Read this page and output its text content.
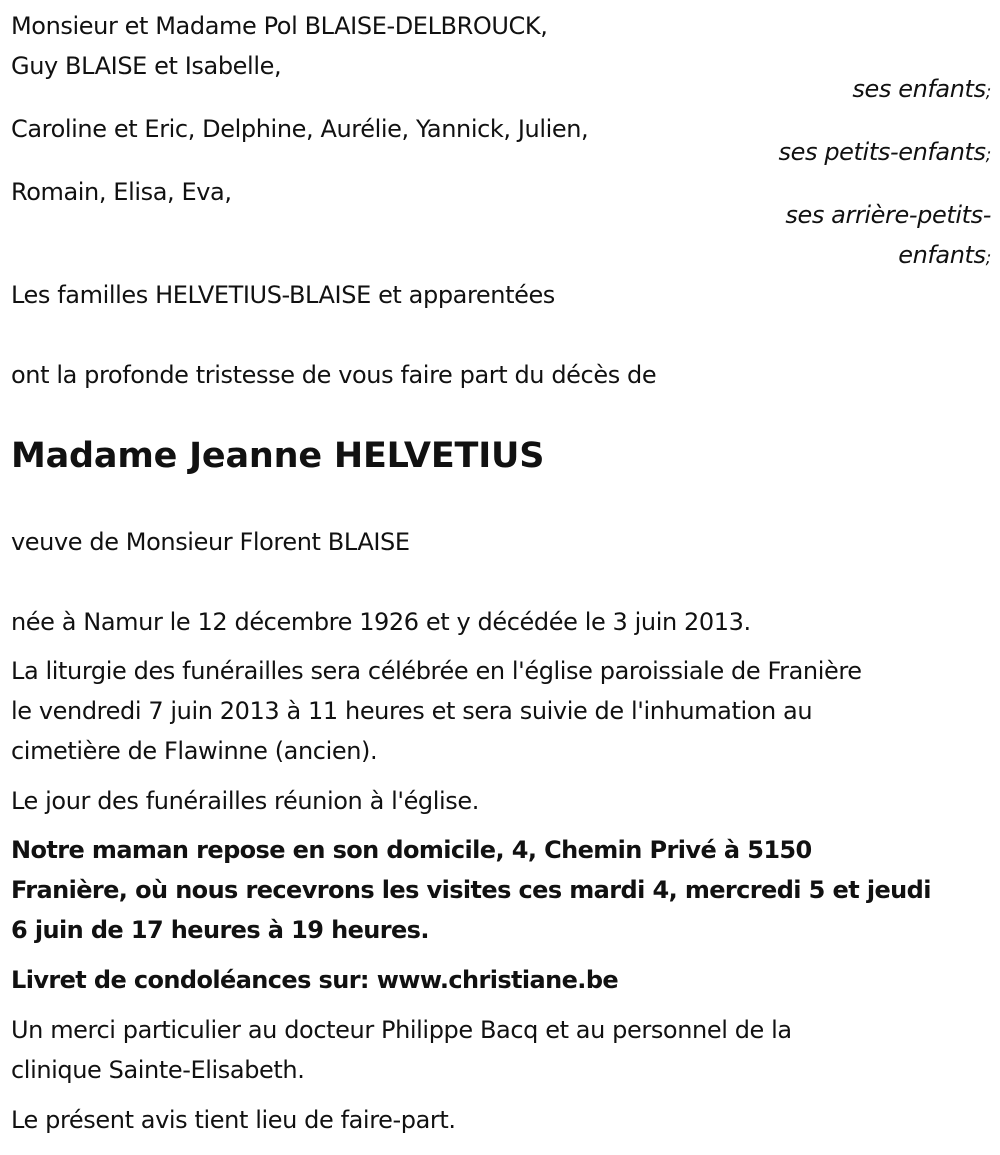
Monsieur et Madame Pol BLAISE-DELBROUCK,
Guy BLAISE et Isabelle,
ses enfants;
Caroline et Eric, Delphine, Aurélie, Yannick, Julien,
ses petits-enfants;
Romain, Elisa, Eva,
ses arrière-petits-
enfants;
Les familles HELVETIUS-BLAISE et apparentées
ont la profonde tristesse de vous faire part du décès de
Madame Jeanne HELVETIUS
veuve de Monsieur Florent BLAISE
née à Namur le 12 décembre 1926 et y décédée le 3 juin 2013.
La liturgie des funérailles sera célébrée en l'église paroissiale de Franière
le vendredi 7 juin 2013 à 11 heures et sera suivie de l'inhumation au
cimetière de Flawinne (ancien).
Le jour des funérailles réunion à l'église.
Notre maman repose en son domicile, 4, Chemin Privé à 5150
Franière, où nous recevrons les visites ces mardi 4, mercredi 5 et jeudi
6 juin de 17 heures à 19 heures.
Livret de condoléances sur: www.christiane.be
Un merci particulier au docteur Philippe Bacq et au personnel de la
clinique Sainte-Elisabeth.
Le présent avis tient lieu de faire-part.
